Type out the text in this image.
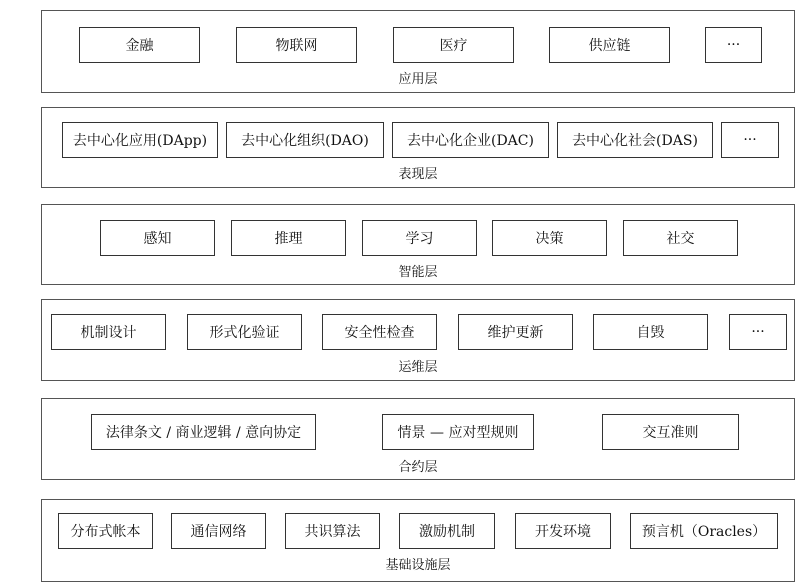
金融	物联网	医疗	供应链	···
应用层
去中心化应用(DApp)	去中心化组织(DAO)	去中心化企业(DAC)	去中心化社会(DAS)	···
表现层
感知	推理	学习	决策	社交
智能层
机制设计	形式化验证	安全性检查	维护更新	自毁	···
运维层
法律条文 / 商业逻辑 / 意向协定	情景 — 应对型规则	交互准则
合约层
分布式帐本	通信网络	共识算法	激励机制	开发环境	预言机（Oracles）
基础设施层
